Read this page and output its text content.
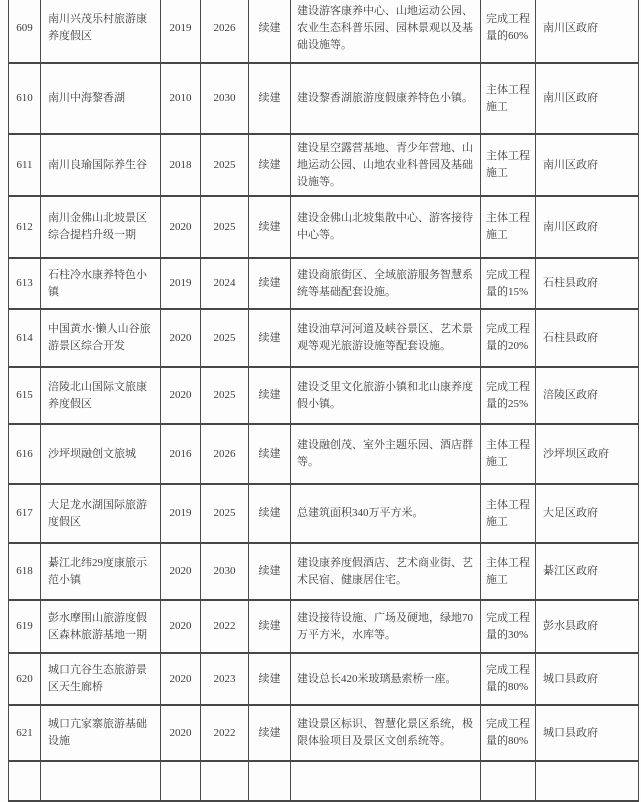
609	南川兴茂乐村旅游康养度假区	2019	2026	续建	建设游客康养中心、山地运动公园、农业生态科普乐园、园林景观以及基础设施等。	完成工程量的60%	南川区政府
610	南川中海黎香湖	2010	2030	续建	建设黎香湖旅游度假康养特色小镇。	主体工程施工	南川区政府
611	南川良瑜国际养生谷	2018	2025	续建	建设星空露营基地、青少年营地、山地运动公园、山地农业科普园及基础设施等。	主体工程施工	南川区政府
612	南川金佛山北坡景区综合提档升级一期	2020	2025	续建	建设金佛山北坡集散中心、游客接待中心等。	主体工程施工	南川区政府
613	石柱冷水康养特色小镇	2019	2024	续建	建设商旅街区、全域旅游服务智慧系统等基础配套设施。	完成工程量的15%	石柱县政府
614	中国黄水·懒人山谷旅游景区综合开发	2020	2025	续建	建设油草河河道及峡谷景区、艺术景观等观光旅游设施等配套设施。	完成工程量的20%	石柱县政府
615	涪陵北山国际文旅康养度假区	2020	2025	续建	建设爻里文化旅游小镇和北山康养度假小镇。	完成工程量的25%	涪陵区政府
616	沙坪坝融创文旅城	2016	2026	续建	建设融创茂、室外主题乐园、酒店群等。	主体工程施工	沙坪坝区政府
617	大足龙水湖国际旅游度假区	2019	2025	续建	总建筑面积340万平方米。	主体工程施工	大足区政府
618	綦江北纬29度康旅示范小镇	2020	2030	续建	建设康养度假酒店、艺术商业街、艺术民宿、健康居住宅。	主体工程施工	綦江区政府
619	彭水摩围山旅游度假区森林旅游基地一期	2020	2022	续建	建设接待设施、广场及硬地，绿地70万平方米，水库等。	完成工程量的30%	彭水县政府
620	城口亢谷生态旅游景区天生廊桥	2020	2023	续建	建设总长420米玻璃悬索桥一座。	完成工程量的80%	城口县政府
621	城口亢家寨旅游基础设施	2020	2022	续建	建设景区标识、智慧化景区系统，极限体验项目及景区文创系统等。	完成工程量的80%	城口县政府
